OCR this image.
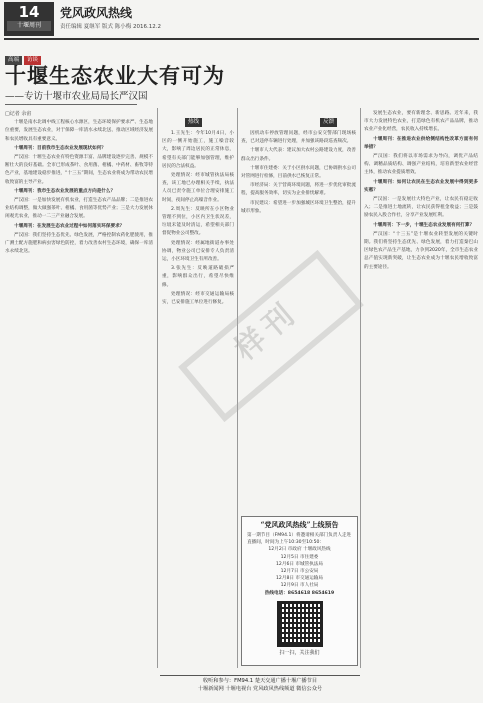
14
十堰周刊
党风政风热线
责任编辑 夏继军 版式 陈小梅 2016.12.2
高端 访谈
十堰生态农业大有可为
——专访十堰市农业局局长严汉国

□记者 余宙

十堰是南水北调中线工程核心水源区，生态环境保护要求严、生态地位重要，发展生态农业，对于保障一库清水永续北送、推动区域经济发展和农民增收具有重要意义。

十堰周刊：目前我市生态农业发展现状如何？

严汉国：十堰生态农业有特色资源丰富、品牌建设逐步完善、规模不断壮大的良好基础。全市已形成茶叶、食用菌、柑橘、中药材、畜牧等特色产业，基地建设稳步推进，“十三五”期间，生态农业将成为带动农民增收致富的主导产业。

十堰周刊：我市生态农业发展的重点方向是什么？

严汉国：一是加快发展有机农业，打造生态农产品品牌；二是推进农业结构调整，做大做强茶叶、柑橘、食用菌等优势产业；三是大力发展休闲观光农业，推动一二三产业融合发展。

十堰周刊：在发展生态农业过程中如何落实环保要求？

严汉国：我们坚持生态优先、绿色发展，严格控制农药化肥使用，推广测土配方施肥和病虫害绿色防控，着力改善农村生态环境，确保一库清水永续北送。

热线

1.王先生：今年10月4日，小区的一侧开始施工，施工噪音较大，影响了周边居民的正常休息，希望有关部门能够加强管理，维护居民的合法权益。

处理情况：经市城管执法局核查，该工地已办理相关手续，执法人员已责令施工单位合理安排施工时间，夜间停止高噪音作业。

2.周先生：反映所在小区物业管理不到位，小区内卫生状况差，垃圾未能及时清运，希望相关部门督促物业公司整改。

处理情况：经属地街道办事处协调，物业公司已安排专人负责清运，小区环境卫生有所改善。

3.张先生：反映道路破损严重，影响群众出行，希望尽快维修。

处理情况：经市交通运输局核实，已安排施工单位进行修复。

反馈

因机动车停放管理问题，经市公安交警部门现场核查，已对违停车辆进行处理，并加强该路段巡查频次。

十堰市人大代表：建议加大农村公路建设力度，改善群众出行条件。

十堰市住建委：关于小区供水问题，已协调供水公司对管网进行检修，目前供水已恢复正常。

市经济局：关于营商环境问题，将进一步优化审批流程，提高服务效率，切实为企业排忧解难。

市民建议：希望进一步加强城区环境卫生整治，提升城市形象。

“党风政风热线”上线预告

第一期节目（FM94.1）将邀请相关部门负责人走进直播间，时间为上午10:30至10:50：

12月2日 市政府 十堰政风热线
12月5日 市住建委
12月6日 市城管执法局
12月7日 市公安局
12月8日 市交通运输局
12月9日 市人社局
热线电话：8654618 8654619
扫一扫，关注我们

发展生态农业，要有新理念、新思路。近年来，我市大力发展特色农业，打造绿色有机农产品品牌，推动农业产业化经营，农民收入持续增长。

十堰周刊：在推进农业供给侧结构性改革方面有何举措？

严汉国：我们将以市场需求为导向，调优产品结构、调精品质结构、调强产业结构，培育新型农业经营主体，推动农业提质增效。

十堰周刊：如何让农民在生态农业发展中得到更多实惠？

严汉国：一是发展壮大特色产业，让农民有稳定收入；二是推进土地流转，让农民获得租金收益；三是鼓励农民入股合作社，分享产业发展红利。

十堰周刊：下一步，十堰生态农业发展有何打算？

严汉国：“十三五”是十堰农业转型发展的关键时期。我们将坚持生态优先、绿色发展，着力打造秦巴山区绿色农产品生产基地，力争到2020年，全市生态农业总产值实现新突破，让生态农业成为十堰农民增收致富的主要途径。

收听和参与：FM94.1 楚天交通广播十堰广播节目
十堰新闻网 十堰电视台 党风政风热线频道 微信公众号
样刊
